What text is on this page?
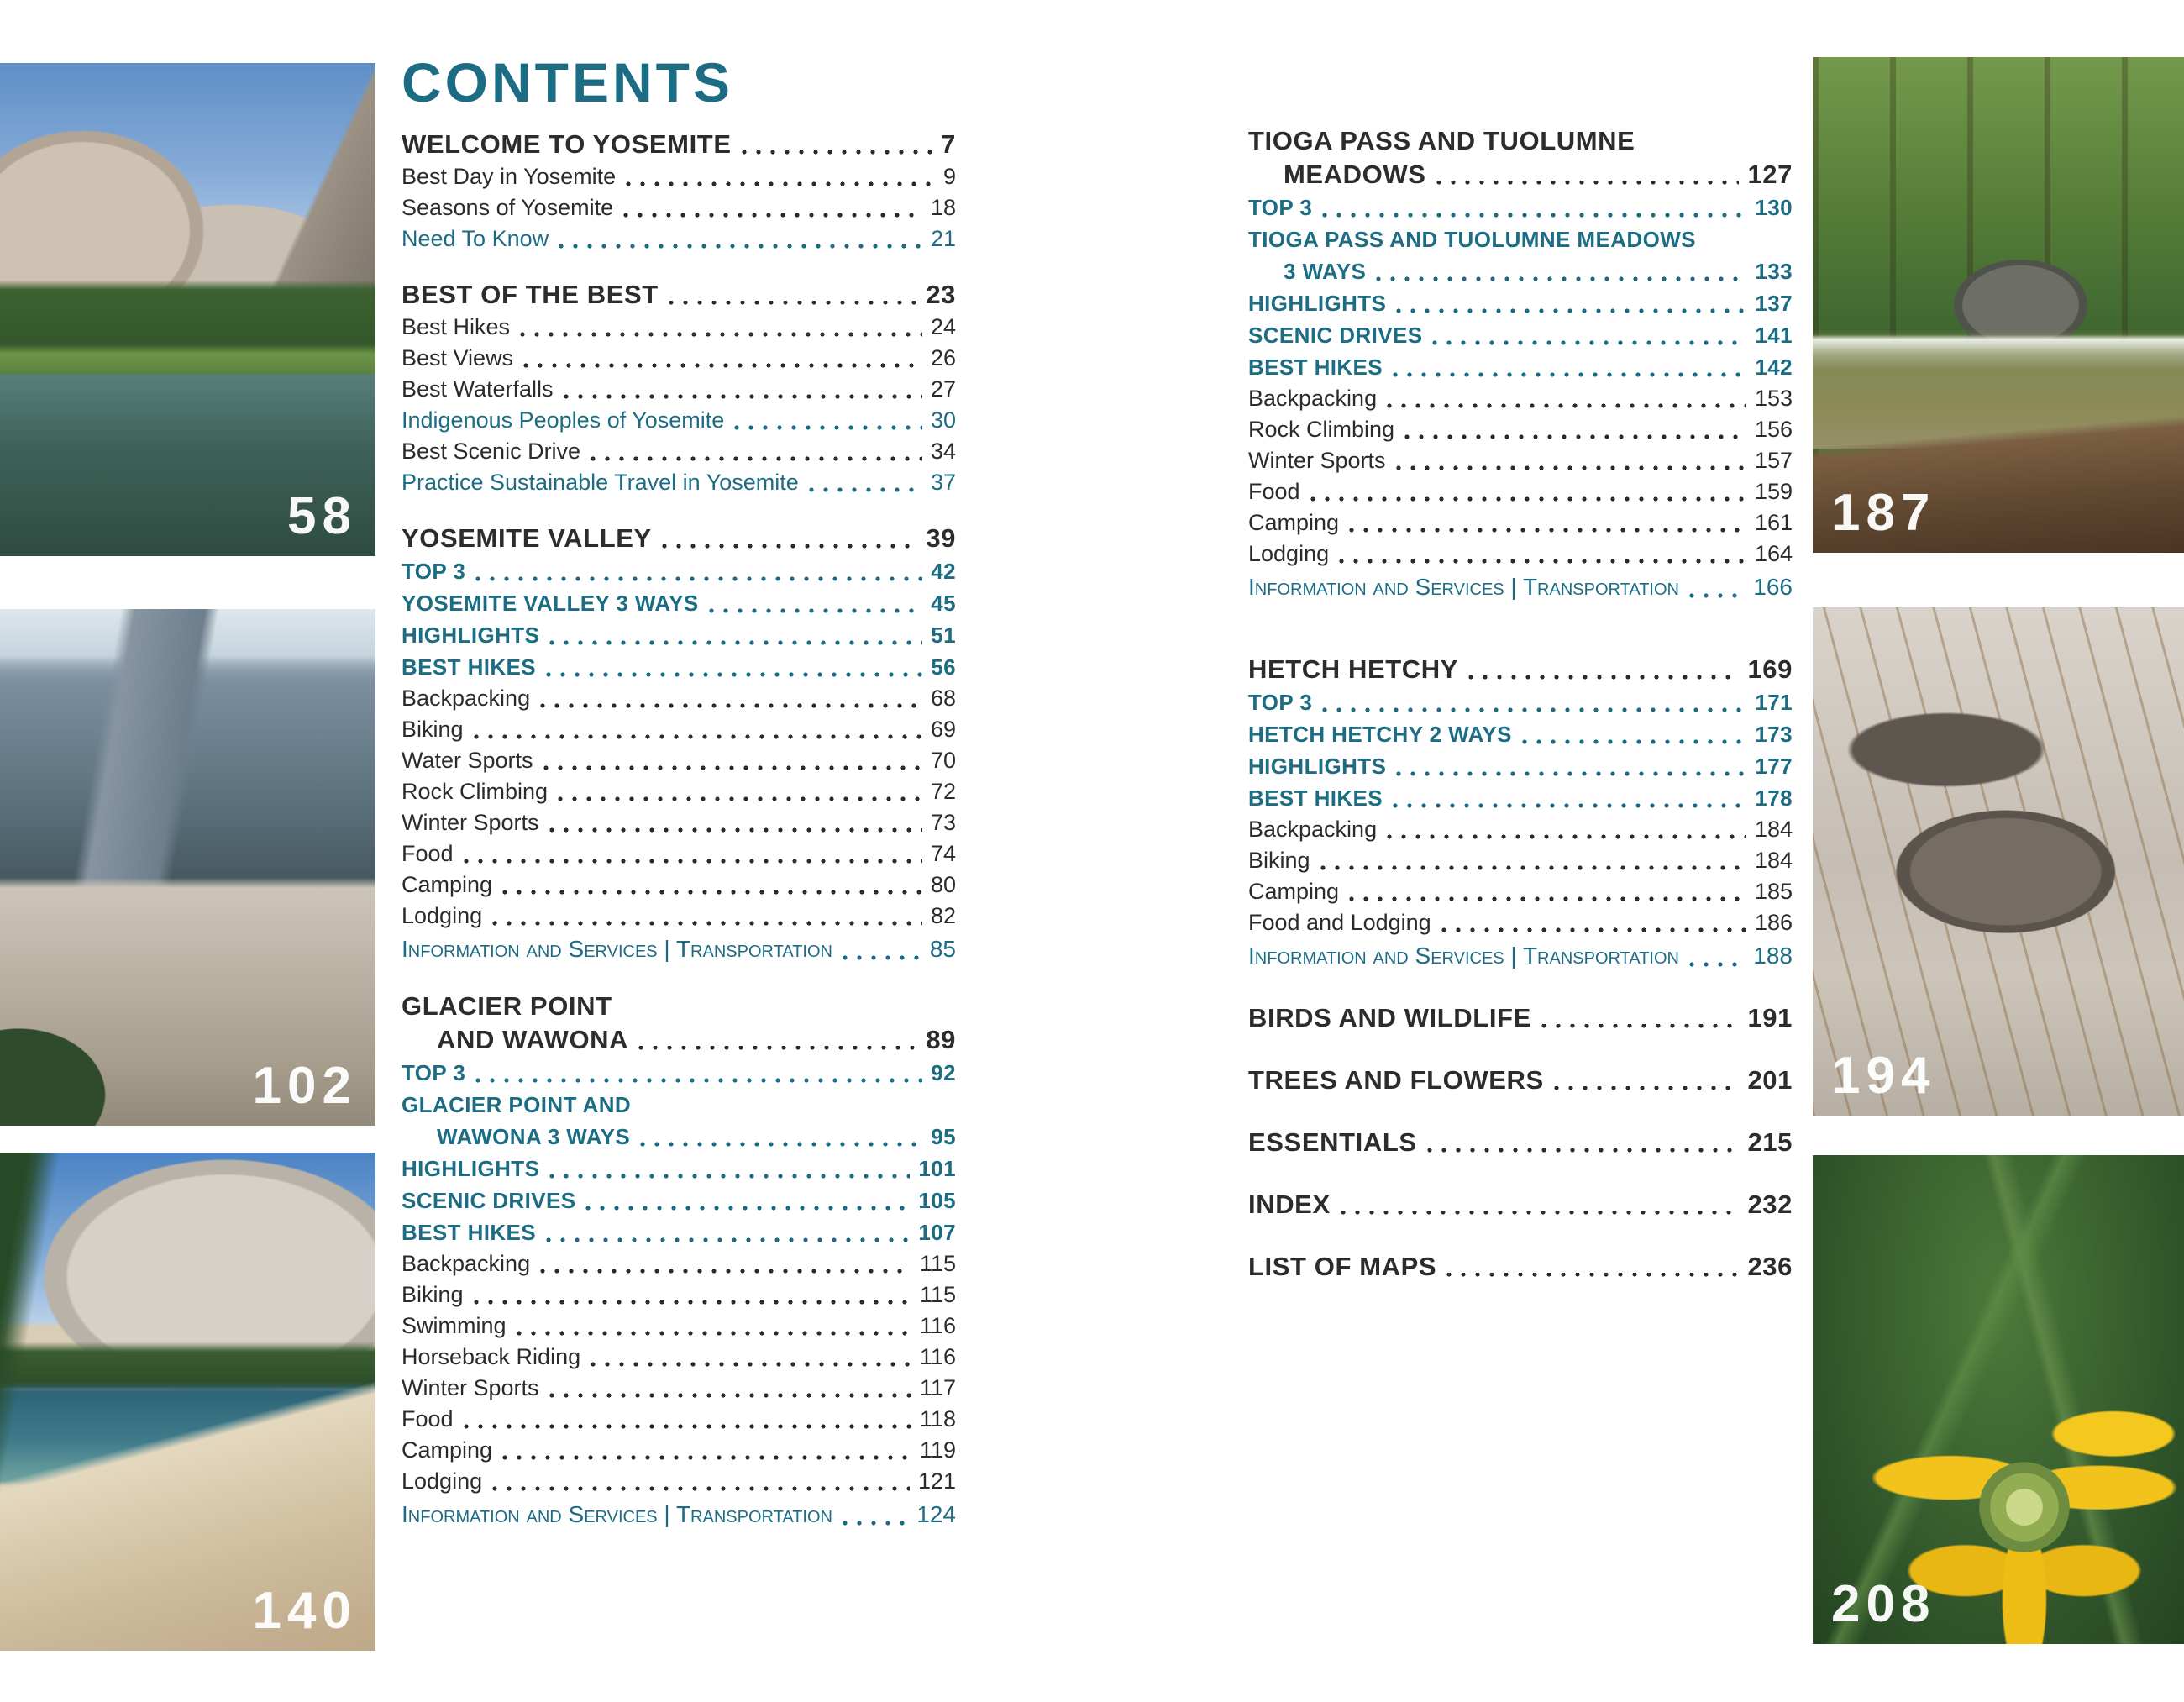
58
102
140
187
194
208
CONTENTS
WELCOME TO YOSEMITE	7
Best Day in Yosemite	9
Seasons of Yosemite	18
Need To Know	21
BEST OF THE BEST	23
Best Hikes	24
Best Views	26
Best Waterfalls	27
Indigenous Peoples of Yosemite	30
Best Scenic Drive	34
Practice Sustainable Travel in Yosemite	37
YOSEMITE VALLEY	39
TOP 3	42
YOSEMITE VALLEY 3 WAYS	45
HIGHLIGHTS	51
BEST HIKES	56
Backpacking	68
Biking	69
Water Sports	70
Rock Climbing	72
Winter Sports	73
Food	74
Camping	80
Lodging	82
Information and Services | Transportation	85
GLACIER POINT
AND WAWONA	89
TOP 3	92
GLACIER POINT AND
WAWONA 3 WAYS	95
HIGHLIGHTS	101
SCENIC DRIVES	105
BEST HIKES	107
Backpacking	115
Biking	115
Swimming	116
Horseback Riding	116
Winter Sports	117
Food	118
Camping	119
Lodging	121
Information and Services | Transportation	124
TIOGA PASS AND TUOLUMNE
MEADOWS	127
TOP 3	130
TIOGA PASS AND TUOLUMNE MEADOWS
3 WAYS	133
HIGHLIGHTS	137
SCENIC DRIVES	141
BEST HIKES	142
Backpacking	153
Rock Climbing	156
Winter Sports	157
Food	159
Camping	161
Lodging	164
Information and Services | Transportation	166
HETCH HETCHY	169
TOP 3	171
HETCH HETCHY 2 WAYS	173
HIGHLIGHTS	177
BEST HIKES	178
Backpacking	184
Biking	184
Camping	185
Food and Lodging	186
Information and Services | Transportation	188
BIRDS AND WILDLIFE	191
TREES AND FLOWERS	201
ESSENTIALS	215
INDEX	232
LIST OF MAPS	236
